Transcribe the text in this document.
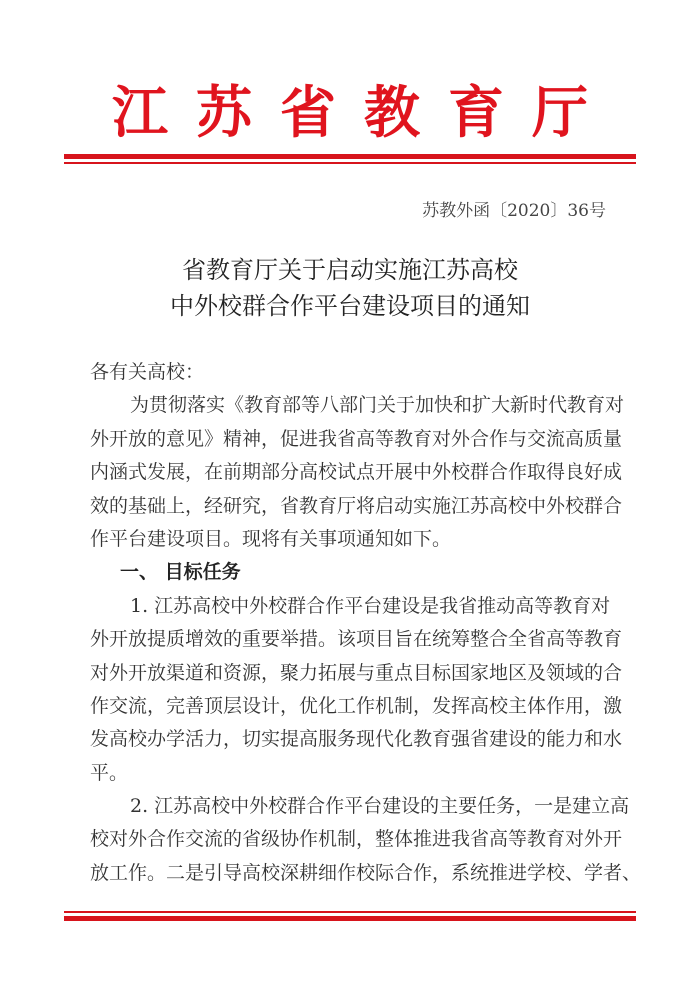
江苏省教育厅
苏教外函〔2020〕36号
省教育厅关于启动实施江苏高校
中外校群合作平台建设项目的通知
各有关高校：
为贯彻落实《教育部等八部门关于加快和扩大新时代教育对
外开放的意见》精神，促进我省高等教育对外合作与交流高质量
内涵式发展，在前期部分高校试点开展中外校群合作取得良好成
效的基础上，经研究，省教育厅将启动实施江苏高校中外校群合
作平台建设项目。现将有关事项通知如下。
一、 目标任务
1. 江苏高校中外校群合作平台建设是我省推动高等教育对
外开放提质增效的重要举措。该项目旨在统筹整合全省高等教育
对外开放渠道和资源，聚力拓展与重点目标国家地区及领域的合
作交流，完善顶层设计，优化工作机制，发挥高校主体作用，激
发高校办学活力，切实提高服务现代化教育强省建设的能力和水
平。
2. 江苏高校中外校群合作平台建设的主要任务，一是建立高
校对外合作交流的省级协作机制，整体推进我省高等教育对外开
放工作。二是引导高校深耕细作校际合作，系统推进学校、学者、
